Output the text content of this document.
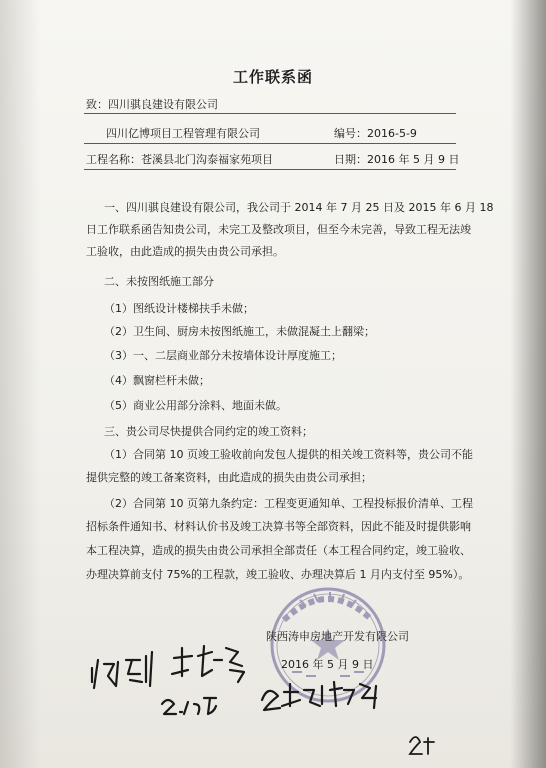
工作联系函
致： 四川骐良建设有限公司
四川亿博项目工程管理有限公司	编号：2016-5-9
工程名称：苍溪县北门沟泰福家苑项目	日期：2016 年 5 月 9 日
一、四川骐良建设有限公司，我公司于 2014 年 7 月 25 日及 2015 年 6 月 18
日工作联系函告知贵公司，未完工及整改项目，但至今未完善，导致工程无法竣
工验收，由此造成的损失由贵公司承担。
二、未按图纸施工部分
（1）图纸设计楼梯扶手未做；
（2）卫生间、厨房未按图纸施工，未做混凝土上翻梁；
（3）一、二层商业部分未按墙体设计厚度施工；
（4）飘窗栏杆未做；
（5）商业公用部分涂料、地面未做。
三、贵公司尽快提供合同约定的竣工资料；
（1）合同第 10 页竣工验收前向发包人提供的相关竣工资料等，贵公司不能
提供完整的竣工备案资料，由此造成的损失由贵公司承担；
（2）合同第 10 页第九条约定：工程变更通知单、工程投标报价清单、工程
招标条件通知书、材料认价书及竣工决算书等全部资料，因此不能及时提供影响
本工程决算，造成的损失由贵公司承担全部责任（本工程合同约定，竣工验收、
办理决算前支付 75%的工程款，竣工验收、办理决算后 1 月内支付至 95%）。
陕西涛申房地产开发有限公司
2016 年 5 月 9 日
